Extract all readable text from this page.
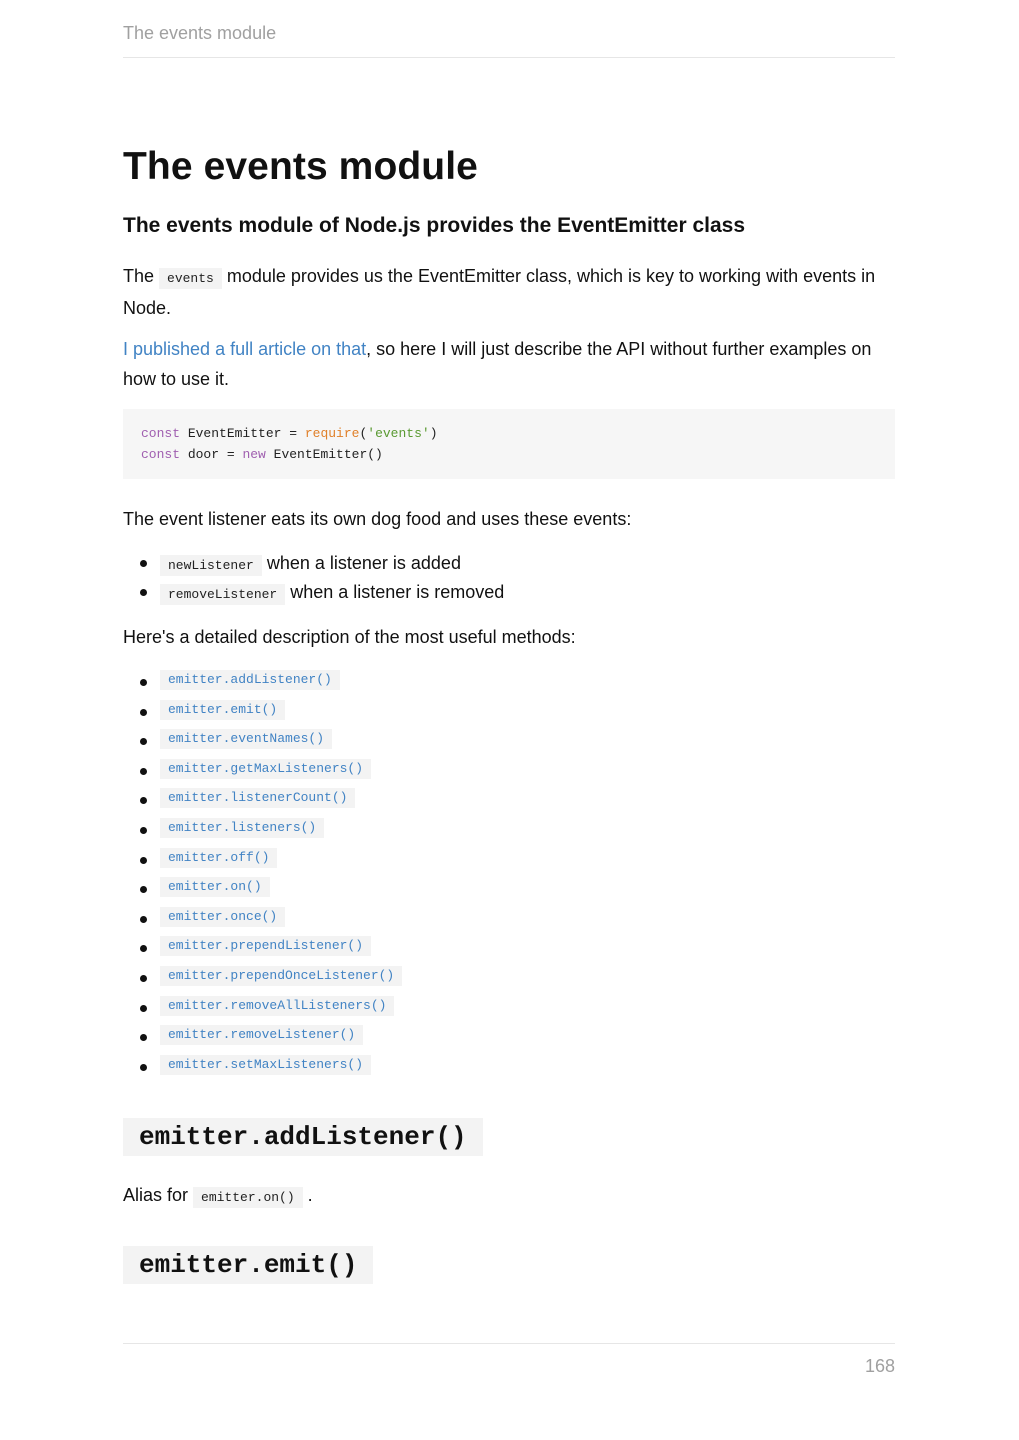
The events module
The events module
The events module of Node.js provides the EventEmitter class

The events module provides us the EventEmitter class, which is key to working with events in Node.

I published a full article on that, so here I will just describe the API without further examples on how to use it.

const EventEmitter = require('events')
const door = new EventEmitter()

The event listener eats its own dog food and uses these events:

newListener when a listener is added
removeListener when a listener is removed

Here's a detailed description of the most useful methods:

emitter.addListener()
emitter.emit()
emitter.eventNames()
emitter.getMaxListeners()
emitter.listenerCount()
emitter.listeners()
emitter.off()
emitter.on()
emitter.once()
emitter.prependListener()
emitter.prependOnceListener()
emitter.removeAllListeners()
emitter.removeListener()
emitter.setMaxListeners()
emitter.addListener()

Alias for emitter.on() .

emitter.emit()
168
